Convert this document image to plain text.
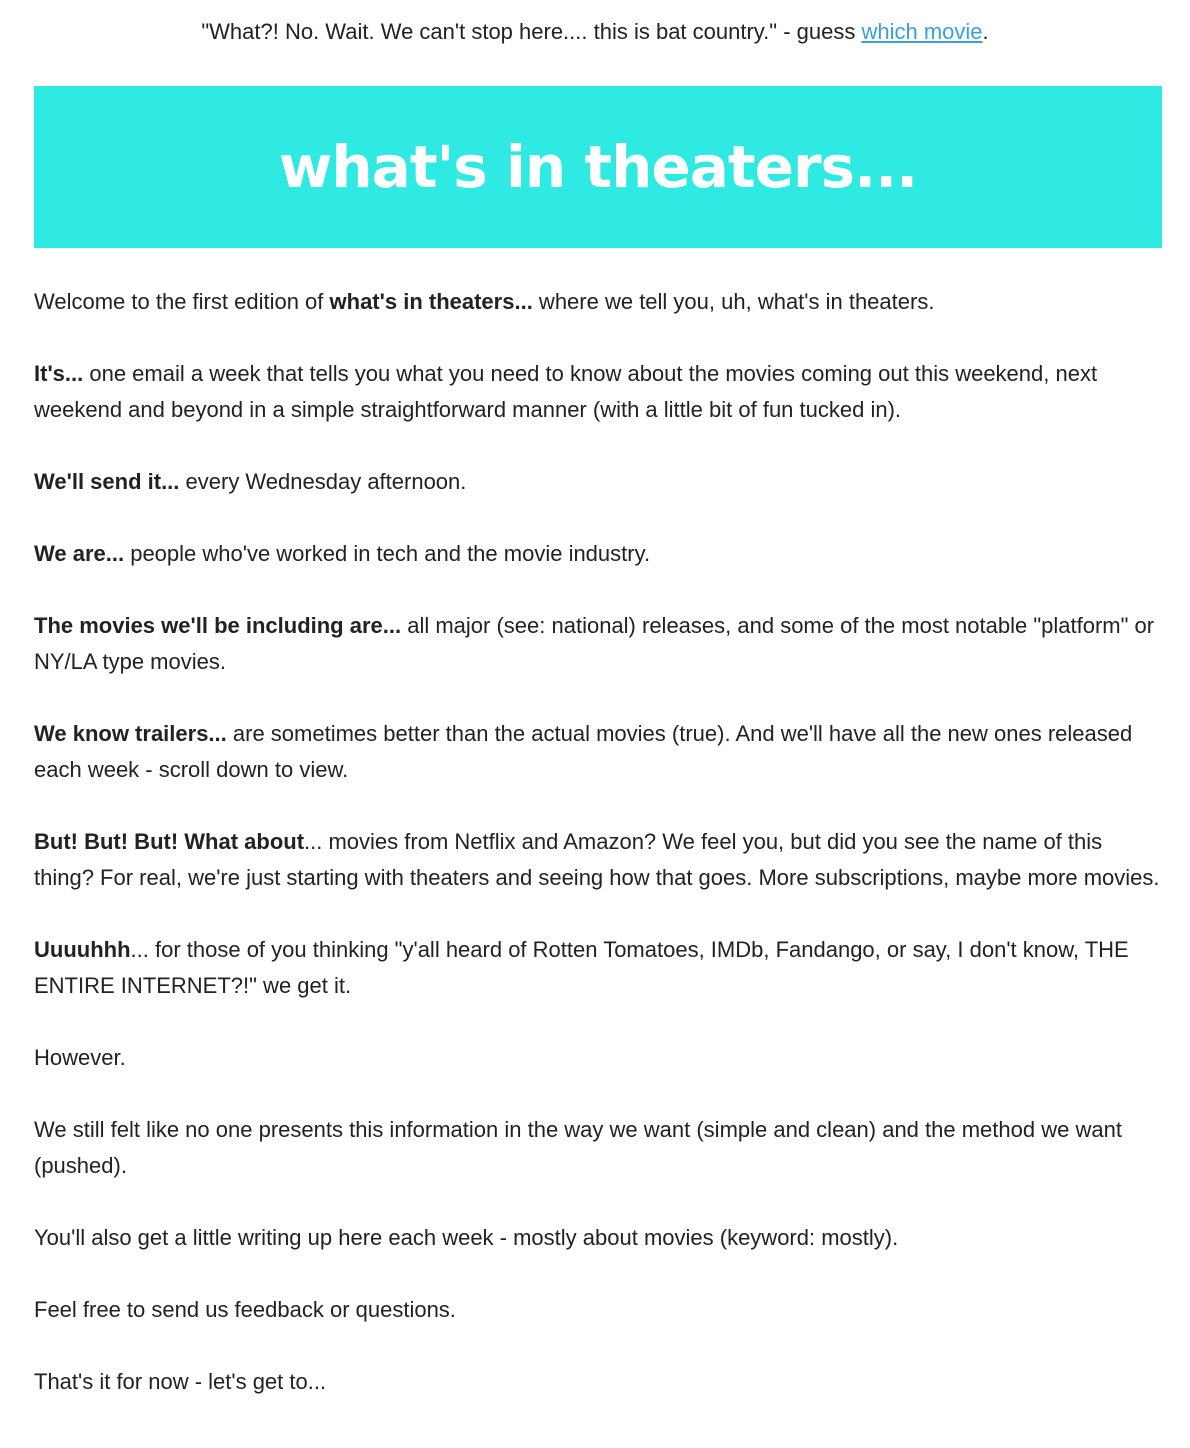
"What?! No. Wait. We can't stop here.... this is bat country." - guess which movie.
what's in theaters...

Welcome to the first edition of what's in theaters... where we tell you, uh, what's in theaters.

It's... one email a week that tells you what you need to know about the movies coming out this weekend, next weekend and beyond in a simple straightforward manner (with a little bit of fun tucked in).

We'll send it... every Wednesday afternoon.

We are... people who've worked in tech and the movie industry.

The movies we'll be including are... all major (see: national) releases, and some of the most notable "platform" or NY/LA type movies.

We know trailers... are sometimes better than the actual movies (true). And we'll have all the new ones released each week - scroll down to view.

But! But! But! What about... movies from Netflix and Amazon? We feel you, but did you see the name of this thing? For real, we're just starting with theaters and seeing how that goes. More subscriptions, maybe more movies.

Uuuuhhh... for those of you thinking "y'all heard of Rotten Tomatoes, IMDb, Fandango, or say, I don't know, THE ENTIRE INTERNET?!" we get it.

However.

We still felt like no one presents this information in the way we want (simple and clean) and the method we want (pushed).

You'll also get a little writing up here each week - mostly about movies (keyword: mostly).

Feel free to send us feedback or questions.

That's it for now - let's get to...
